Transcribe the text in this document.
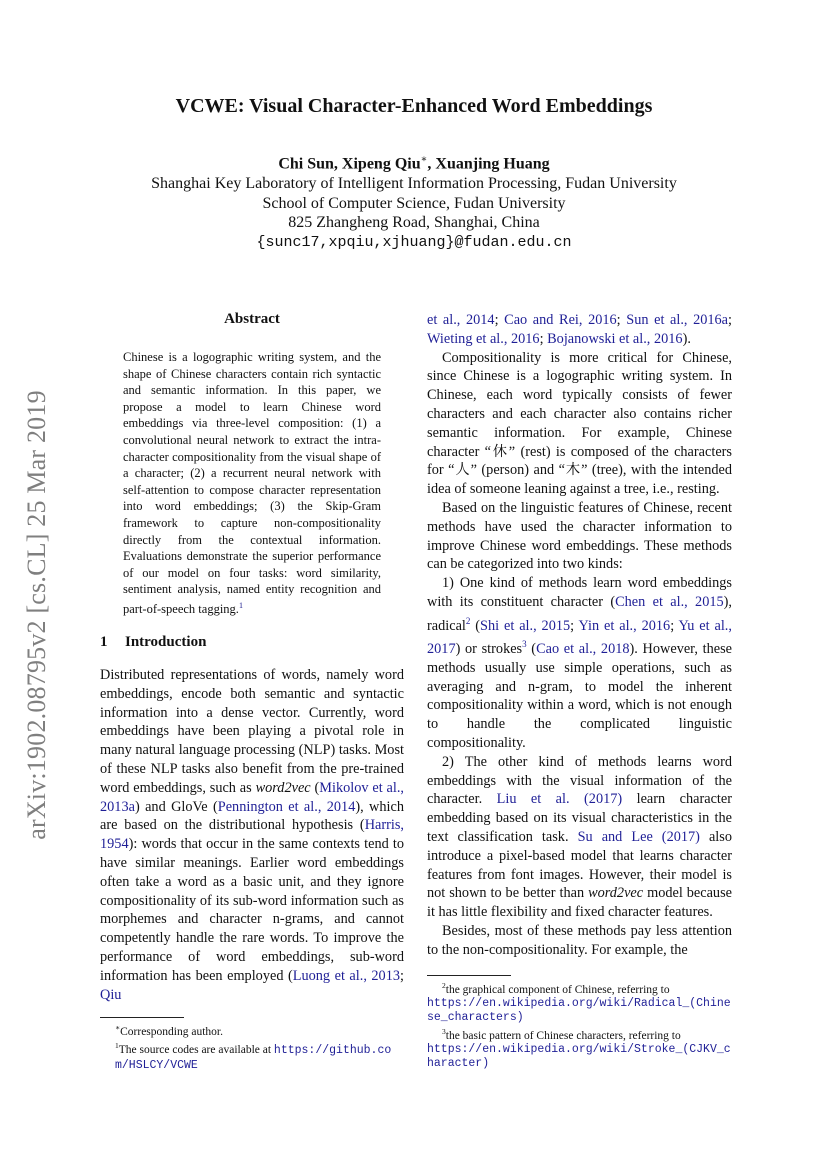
arXiv:1902.08795v2 [cs.CL] 25 Mar 2019
VCWE: Visual Character-Enhanced Word Embeddings
Chi Sun, Xipeng Qiu∗, Xuanjing Huang
Shanghai Key Laboratory of Intelligent Information Processing, Fudan University
School of Computer Science, Fudan University
825 Zhangheng Road, Shanghai, China
{sunc17,xpqiu,xjhuang}@fudan.edu.cn
Abstract
Chinese is a logographic writing system, and the shape of Chinese characters contain rich syntactic and semantic information. In this paper, we propose a model to learn Chinese word embeddings via three-level composition: (1) a convolutional neural network to extract the intra-character compositionality from the visual shape of a character; (2) a recurrent neural network with self-attention to compose character representation into word embeddings; (3) the Skip-Gram framework to capture non-compositionality directly from the contextual information. Evaluations demonstrate the superior performance of our model on four tasks: word similarity, sentiment analysis, named entity recognition and part-of-speech tagging.$^1$
1 Introduction

Distributed representations of words, namely word embeddings, encode both semantic and syntactic information into a dense vector. Currently, word embeddings have been playing a pivotal role in many natural language processing (NLP) tasks. Most of these NLP tasks also benefit from the pre-trained word embeddings, such as word2vec (Mikolov et al., 2013a) and GloVe (Pennington et al., 2014), which are based on the distributional hypothesis (Harris, 1954): words that occur in the same contexts tend to have similar meanings. Earlier word embeddings often take a word as a basic unit, and they ignore compositionality of its sub-word information such as morphemes and character n-grams, and cannot competently handle the rare words. To improve the performance of word embeddings, sub-word information has been employed (Luong et al., 2013; Qiu

et al., 2014; Cao and Rei, 2016; Sun et al., 2016a; Wieting et al., 2016; Bojanowski et al., 2016).

Compositionality is more critical for Chinese, since Chinese is a logographic writing system. In Chinese, each word typically consists of fewer characters and each character also contains richer semantic information. For example, Chinese character “休” (rest) is composed of the characters for “人” (person) and “木” (tree), with the intended idea of someone leaning against a tree, i.e., resting.

Based on the linguistic features of Chinese, recent methods have used the character information to improve Chinese word embeddings. These methods can be categorized into two kinds:

1) One kind of methods learn word embeddings with its constituent character (Chen et al., 2015), radical$^2$ (Shi et al., 2015; Yin et al., 2016; Yu et al., 2017) or strokes$^3$ (Cao et al., 2018). However, these methods usually use simple operations, such as averaging and n-gram, to model the inherent compositionality within a word, which is not enough to handle the complicated linguistic compositionality.

2) The other kind of methods learns word embeddings with the visual information of the character. Liu et al. (2017) learn character embedding based on its visual characteristics in the text classification task. Su and Lee (2017) also introduce a pixel-based model that learns character features from font images. However, their model is not shown to be better than word2vec model because it has little flexibility and fixed character features.

Besides, most of these methods pay less attention to the non-compositionality. For example, the

∗Corresponding author.
$^1$The source codes are available at https://github.com/HSLCY/VCWE
$^2$the graphical component of Chinese, referring to
https://en.wikipedia.org/wiki/Radical_(Chinese_characters)
$^3$the basic pattern of Chinese characters, referring to
https://en.wikipedia.org/wiki/Stroke_(CJKV_character)
